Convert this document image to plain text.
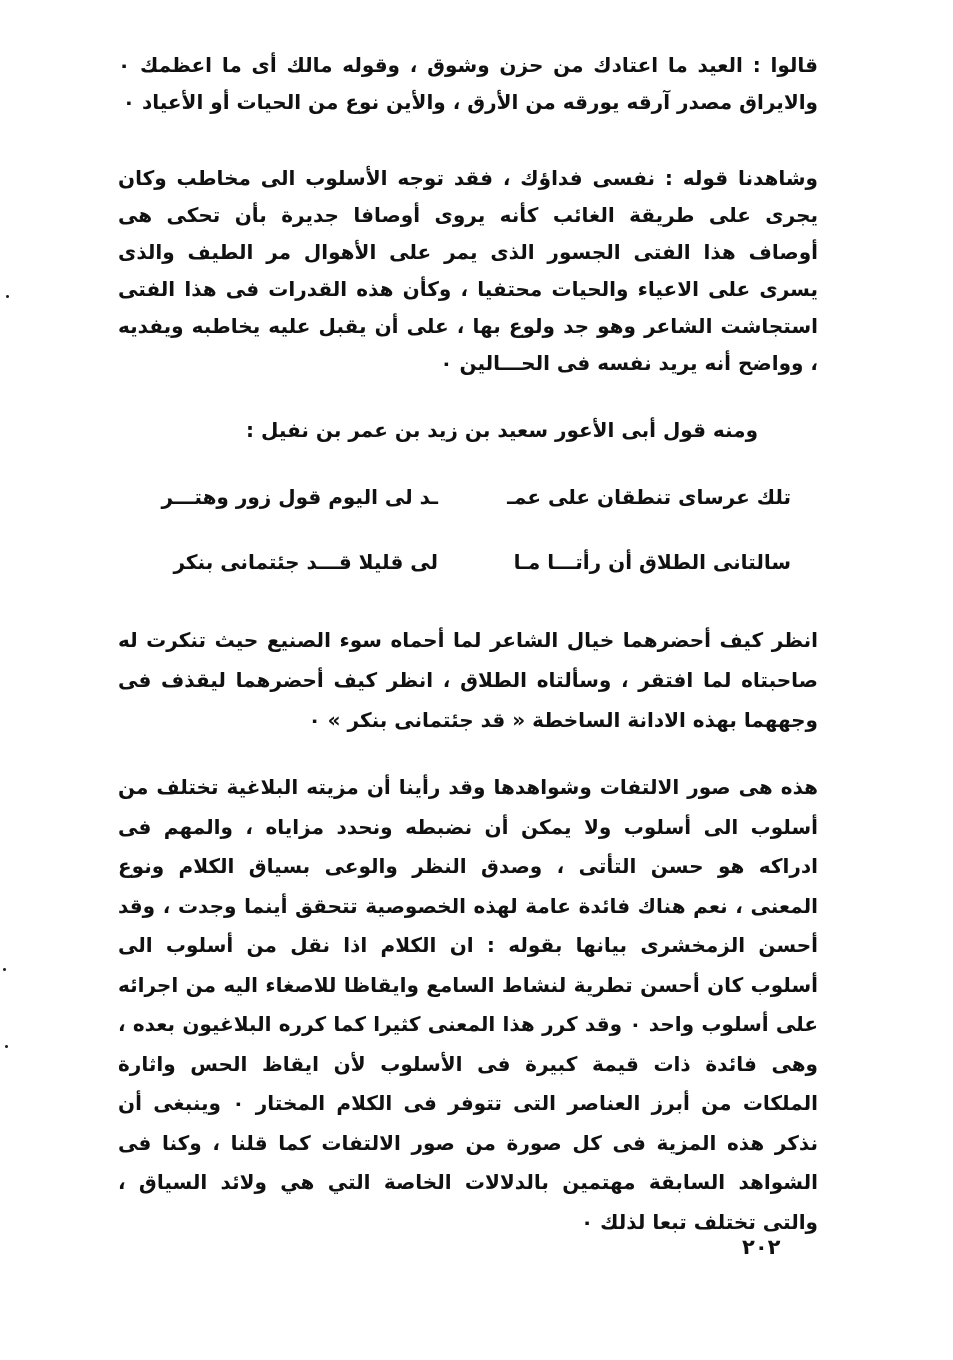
قالوا : العيد ما اعتادك من حزن وشوق ، وقوله مالك أى ما اعظمك ٠ والايراق مصدر آرقه يورقه من الأرق ، والأين نوع من الحيات أو الأعياد ٠

وشاهدنا قوله : نفسى فداؤك ، فقد توجه الأسلوب الى مخاطب وكان يجرى على طريقة الغائب كأنه يروى أوصافا جديرة بأن تحكى هى أوصاف هذا الفتى الجسور الذى يمر على الأهوال مر الطيف والذى يسرى على الاعياء والحيات محتفيا ، وكأن هذه القدرات فى هذا الفتى استجاشت الشاعر وهو جد ولوع بها ، على أن يقبل عليه يخاطبه ويفديه ، وواضح أنه يريد نفسه فى الحـــالين ٠

ومنه قول أبى الأعور سعيد بن زيد بن عمر بن نفيل :

تلك عرساى تنطقان على عمـ

ـد لى اليوم قول زور وهتـــر

سالتانى الطلاق أن رأتـــا مـا

لى قليلا قـــد جئتمانى بنكر

انظر كيف أحضرهما خيال الشاعر لما أحماه سوء الصنيع حيث تنكرت له صاحبتاه لما افتقر ، وسألتاه الطلاق ، انظر كيف أحضرهما ليقذف فى وجههما بهذه الادانة الساخطة « قد جئتمانى بنكر » ٠

هذه هى صور الالتفات وشواهدها وقد رأينا أن مزيته البلاغية تختلف من أسلوب الى أسلوب ولا يمكن أن نضبطه ونحدد مزاياه ، والمهم فى ادراكه هو حسن التأتى ، وصدق النظر والوعى بسياق الكلام ونوع المعنى ، نعم هناك فائدة عامة لهذه الخصوصية تتحقق أينما وجدت ، وقد أحسن الزمخشرى بيانها بقوله : ان الكلام اذا نقل من أسلوب الى أسلوب كان أحسن تطرية لنشاط السامع وايقاظا للاصغاء اليه من اجرائه على أسلوب واحد ٠ وقد كرر هذا المعنى كثيرا كما كرره البلاغيون بعده ، وهى فائدة ذات قيمة كبيرة فى الأسلوب لأن ايقاظ الحس واثارة الملكات من أبرز العناصر التى تتوفر فى الكلام المختار ٠ وينبغى أن نذكر هذه المزية فى كل صورة من صور الالتفات كما قلنا ، وكنا فى الشواهد السابقة مهتمين بالدلالات الخاصة التي هي ولائد السياق ، والتى تختلف تبعا لذلك ٠

٢٠٢
